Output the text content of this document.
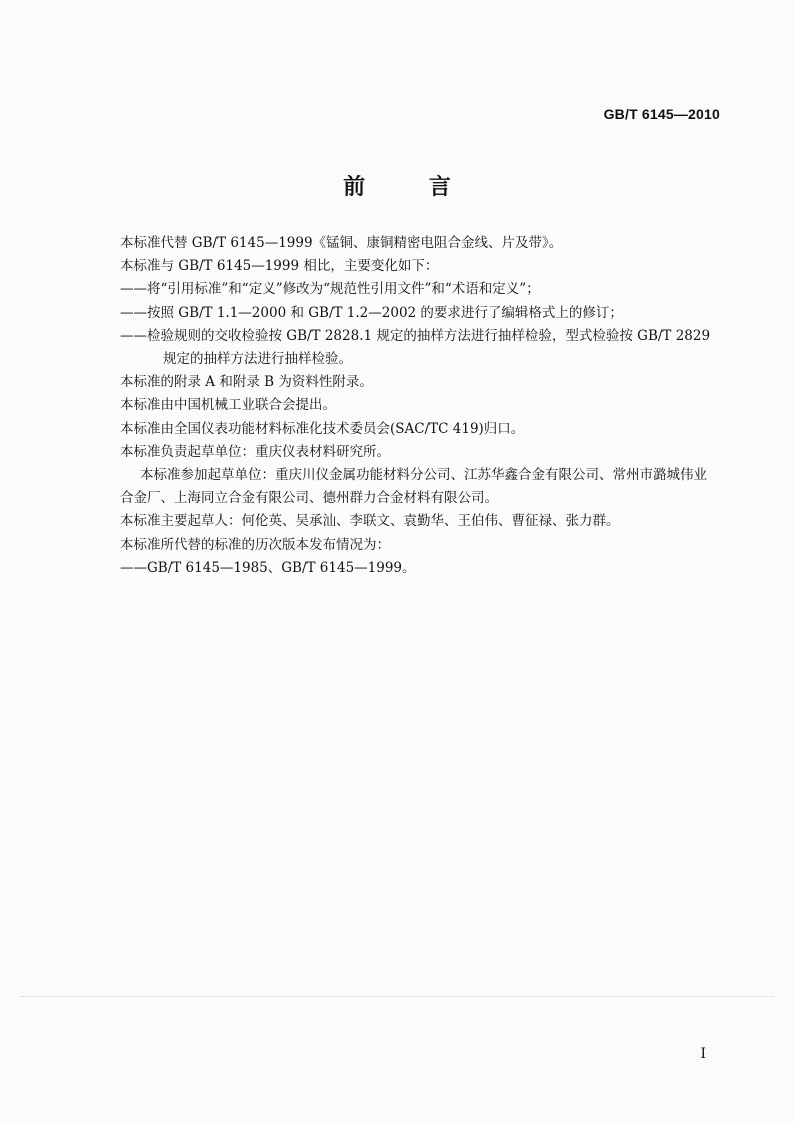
GB/T 6145—2010
前 言

本标准代替 GB/T 6145—1999《锰铜、康铜精密电阻合金线、片及带》。

本标准与 GB/T 6145—1999 相比，主要变化如下：

——将“引用标准”和“定义”修改为“规范性引用文件”和“术语和定义”；

——按照 GB/T 1.1—2000 和 GB/T 1.2—2002 的要求进行了编辑格式上的修订；

——检验规则的交收检验按 GB/T 2828.1 规定的抽样方法进行抽样检验，型式检验按 GB/T 2829

规定的抽样方法进行抽样检验。

本标准的附录 A 和附录 B 为资料性附录。

本标准由中国机械工业联合会提出。

本标准由全国仪表功能材料标准化技术委员会(SAC/TC 419)归口。

本标准负责起草单位：重庆仪表材料研究所。

本标准参加起草单位：重庆川仪金属功能材料分公司、江苏华鑫合金有限公司、常州市潞城伟业合金厂、上海同立合金有限公司、德州群力合金材料有限公司。

本标准主要起草人：何伦英、吴承汕、李联文、袁勤华、王伯伟、曹征禄、张力群。

本标准所代替的标准的历次版本发布情况为：

——GB/T 6145—1985、GB/T 6145—1999。

I
